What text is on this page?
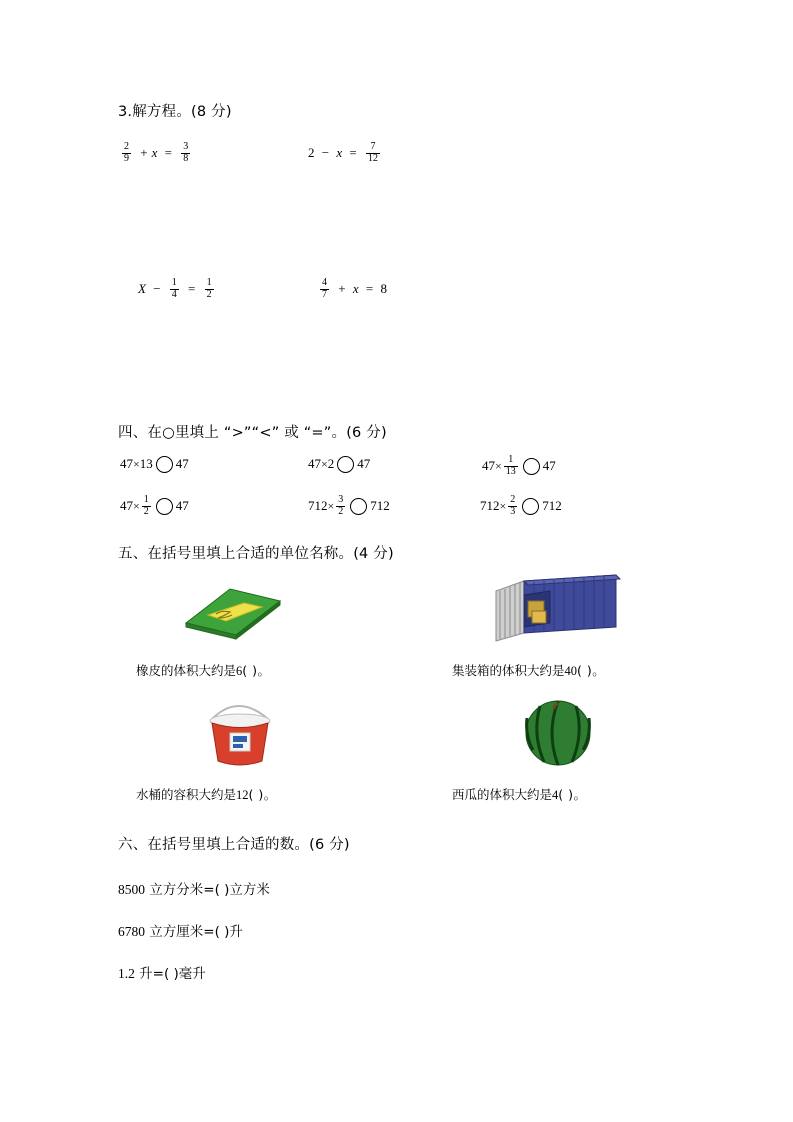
3.解方程。(8 分)
$\frac{2}{9} + x = \frac{3}{8}$	$2 - x = \frac{7}{12}$
$X - \frac{1}{4} = \frac{1}{2}$	$\frac{4}{7} + x = 8$
四、在○里填上 “>”“<” 或 “=”。(6 分)
47×13 47	47×2 47	$47\times \frac{1}{13} 47$
$47\times \frac{1}{2} 47$	$712\times \frac{3}{2} 712$	$712\times \frac{2}{3} 712$
五、在括号里填上合适的单位名称。(4 分)
橡皮的体积大约是6( )。	集装箱的体积大约是40( )。
水桶的容积大约是12( )。	西瓜的体积大约是4( )。
六、在括号里填上合适的数。(6 分)
8500 立方分米=( )立方米
6780 立方厘米=( )升
1.2 升=( )毫升
